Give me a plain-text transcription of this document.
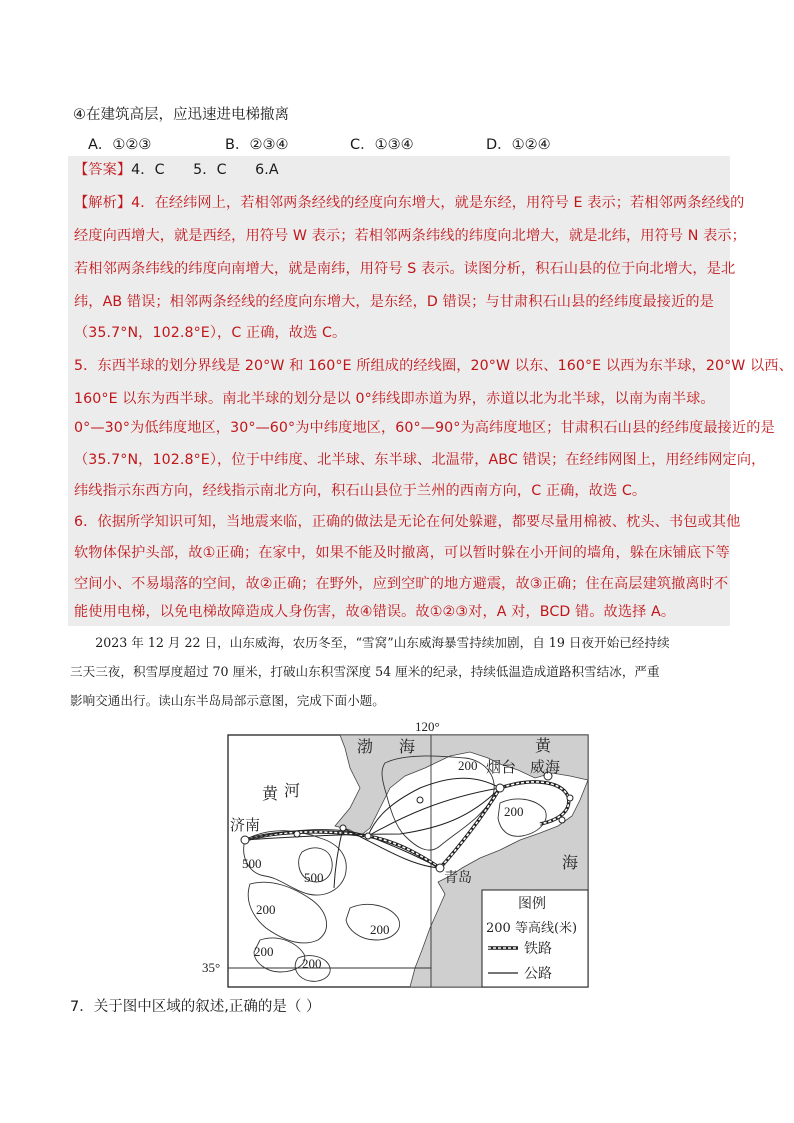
④在建筑高层，应迅速进电梯撤离
A．①②③	B．②③④	C．①③④	D．①②④
【答案】4．C　　5．C　　6.A
【解析】4．在经纬网上，若相邻两条经线的经度向东增大，就是东经，用符号 E 表示；若相邻两条经线的
经度向西增大，就是西经，用符号 W 表示；若相邻两条纬线的纬度向北增大，就是北纬，用符号 N 表示；
若相邻两条纬线的纬度向南增大，就是南纬，用符号 S 表示。读图分析，积石山县的位于向北增大，是北
纬，AB 错误；相邻两条经线的经度向东增大，是东经，D 错误；与甘肃积石山县的经纬度最接近的是
（35.7°N，102.8°E），C 正确，故选 C。
5．东西半球的划分界线是 20°W 和 160°E 所组成的经线圈，20°W 以东、160°E 以西为东半球，20°W 以西、
160°E 以东为西半球。南北半球的划分是以 0°纬线即赤道为界，赤道以北为北半球，以南为南半球。
0°—30°为低纬度地区，30°—60°为中纬度地区，60°—90°为高纬度地区；甘肃积石山县的经纬度最接近的是
（35.7°N，102.8°E），位于中纬度、北半球、东半球、北温带，ABC 错误；在经纬网图上，用经纬网定向，
纬线指示东西方向，经线指示南北方向，积石山县位于兰州的西南方向，C 正确，故选 C。
6．依据所学知识可知，当地震来临，正确的做法是无论在何处躲避，都要尽量用棉被、枕头、书包或其他
软物体保护头部，故①正确；在家中，如果不能及时撤离，可以暂时躲在小开间的墙角，躲在床铺底下等
空间小、不易塌落的空间，故②正确；在野外，应到空旷的地方避震，故③正确；住在高层建筑撤离时不
能使用电梯，以免电梯故障造成人身伤害，故④错误。故①②③对，A 对，BCD 错。故选择 A。
　　2023 年 12 月 22 日，山东威海，农历冬至，“雪窝”山东威海暴雪持续加剧，自 19 日夜开始已经持续
三天三夜，积雪厚度超过 70 厘米，打破山东积雪深度 54 厘米的纪录，持续低温造成道路积雪结冰，严重
影响交通出行。读山东半岛局部示意图，完成下面小题。
河
黄
渤 海	黄
海
烟台 威海
济南
青岛
120°
35°
200
200
500
500
200
200
200
200
图例
200 等高线(米)
铁路
公路
7．关于图中区域的叙述,正确的是（ ）
